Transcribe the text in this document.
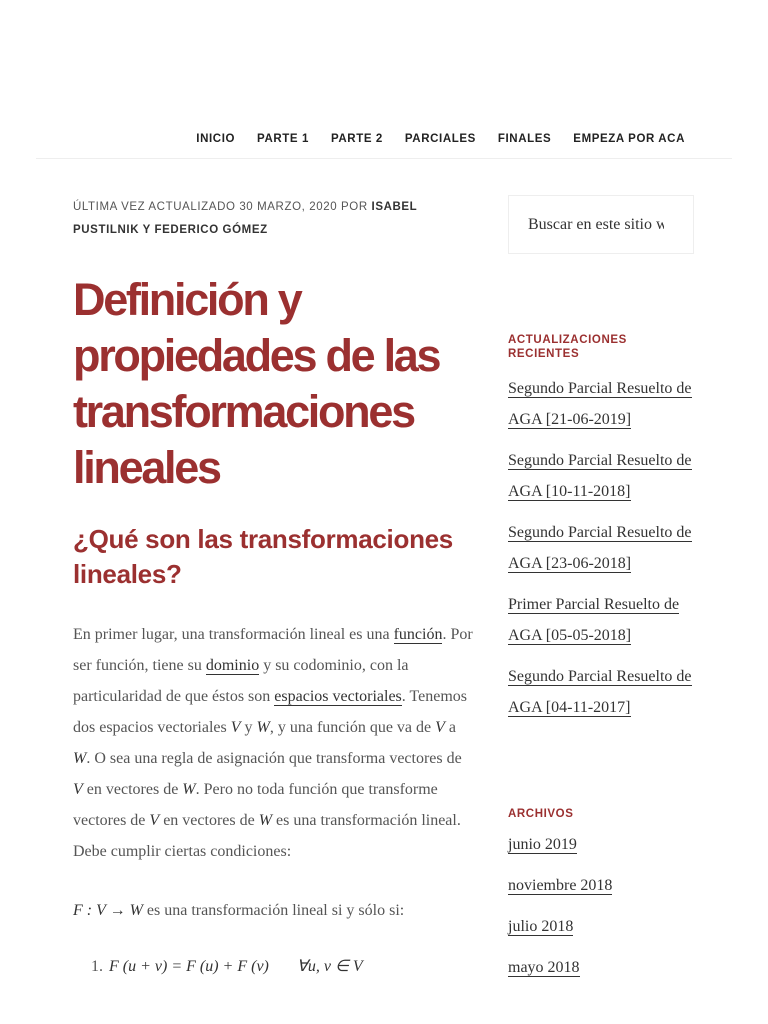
INICIO PARTE 1 PARTE 2 PARCIALES FINALES EMPEZA POR ACA

ÚLTIMA VEZ ACTUALIZADO 30 MARZO, 2020 POR ISABEL PUSTILNIK Y FEDERICO GÓMEZ

Definición y propiedades de las transformaciones lineales
¿Qué son las transformaciones lineales?

En primer lugar, una transformación lineal es una función. Por ser función, tiene su dominio y su codominio, con la particularidad de que éstos son espacios vectoriales. Tenemos dos espacios vectoriales V y W, y una función que va de V a W. O sea una regla de asignación que transforma vectores de V en vectores de W. Pero no toda función que transforme vectores de V en vectores de W es una transformación lineal. Debe cumplir ciertas condiciones:

F : V → W es una transformación lineal si y sólo si:

1. F (u + v) = F (u) + F (v) ∀u, v ∈ V
Buscar en este sitio w
ACTUALIZACIONES RECIENTES
Segundo Parcial Resuelto de AGA [21-06-2019]
Segundo Parcial Resuelto de AGA [10-11-2018]
Segundo Parcial Resuelto de AGA [23-06-2018]
Primer Parcial Resuelto de AGA [05-05-2018]
Segundo Parcial Resuelto de AGA [04-11-2017]
ARCHIVOS
junio 2019
noviembre 2018
julio 2018
mayo 2018
